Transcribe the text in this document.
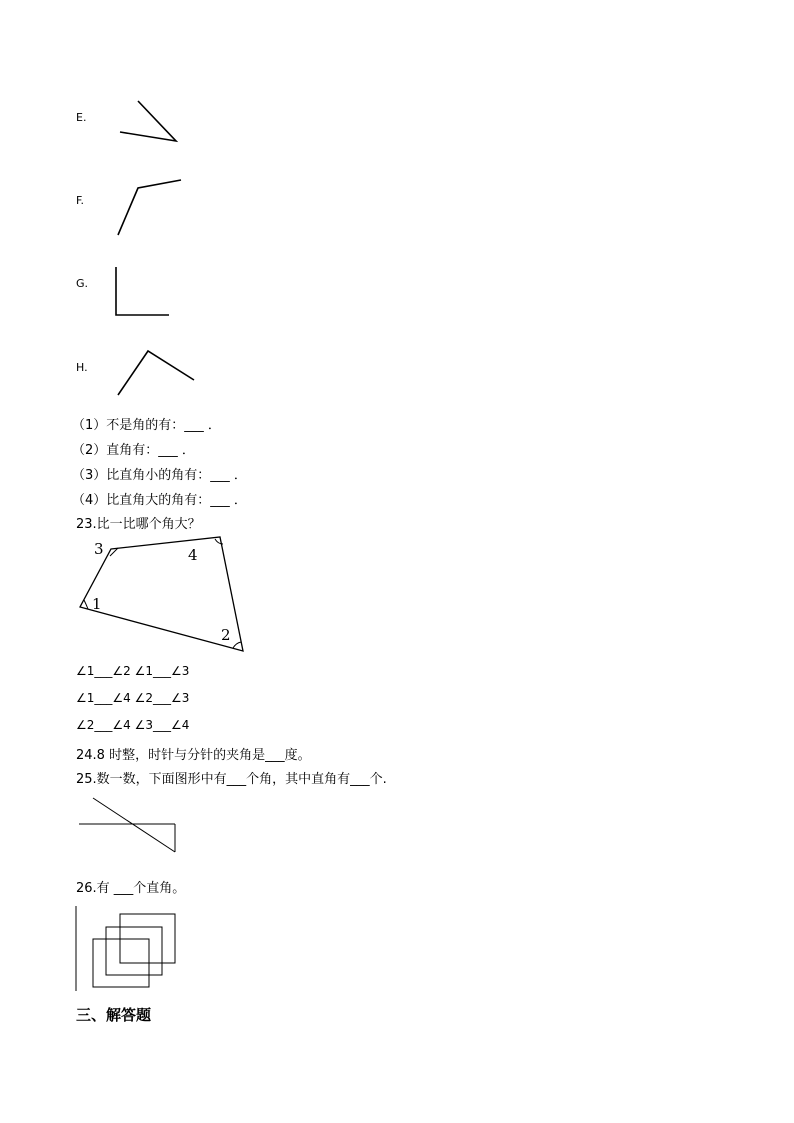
E.
F.
G.
H.
（1）不是角的有：___ ．
（2）直角有：___ ．
（3）比直角小的角有：___ ．
（4）比直角大的角有：___ ．
23.比一比哪个角大？
1
2
3	4
∠1___∠2 ∠1___∠3
∠1___∠4 ∠2___∠3
∠2___∠4 ∠3___∠4
24.8 时整，时针与分针的夹角是___度。
25.数一数，下面图形中有___个角，其中直角有___个.
26.有 ___个直角。
三、解答题
